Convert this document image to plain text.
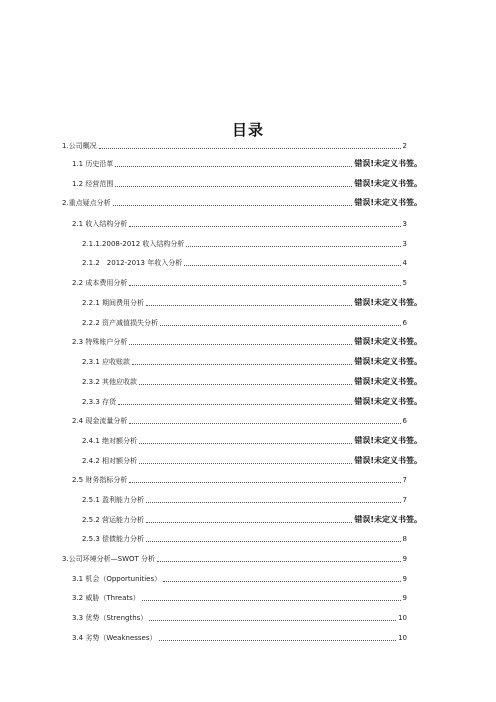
目录
1.公司概况	2
1.1 历史沿革	错误!未定义书签。
1.2 经营范围	错误!未定义书签。
2.重点疑点分析	错误!未定义书签。
2.1 收入结构分析	3
2.1.1.2008-2012 收入结构分析	3
2.1.2　2012-2013 年收入分析	4
2.2 成本费用分析	5
2.2.1 期间费用分析	错误!未定义书签。
2.2.2 资产减值损失分析	6
2.3 特殊账户分析	错误!未定义书签。
2.3.1 应收账款	错误!未定义书签。
2.3.2 其他应收款	错误!未定义书签。
2.3.3 存货	错误!未定义书签。
2.4 现金流量分析	6
2.4.1 绝对额分析	错误!未定义书签。
2.4.2 相对额分析	错误!未定义书签。
2.5 财务指标分析	7
2.5.1 盈利能力分析	7
2.5.2 营运能力分析	错误!未定义书签。
2.5.3 偿债能力分析	8
3.公司环境分析—SWOT 分析	9
3.1 机会（Opportunities）	9
3.2 威胁（Threats）	9
3.3 优势（Strengths）	10
3.4 劣势（Weaknesses）	10
